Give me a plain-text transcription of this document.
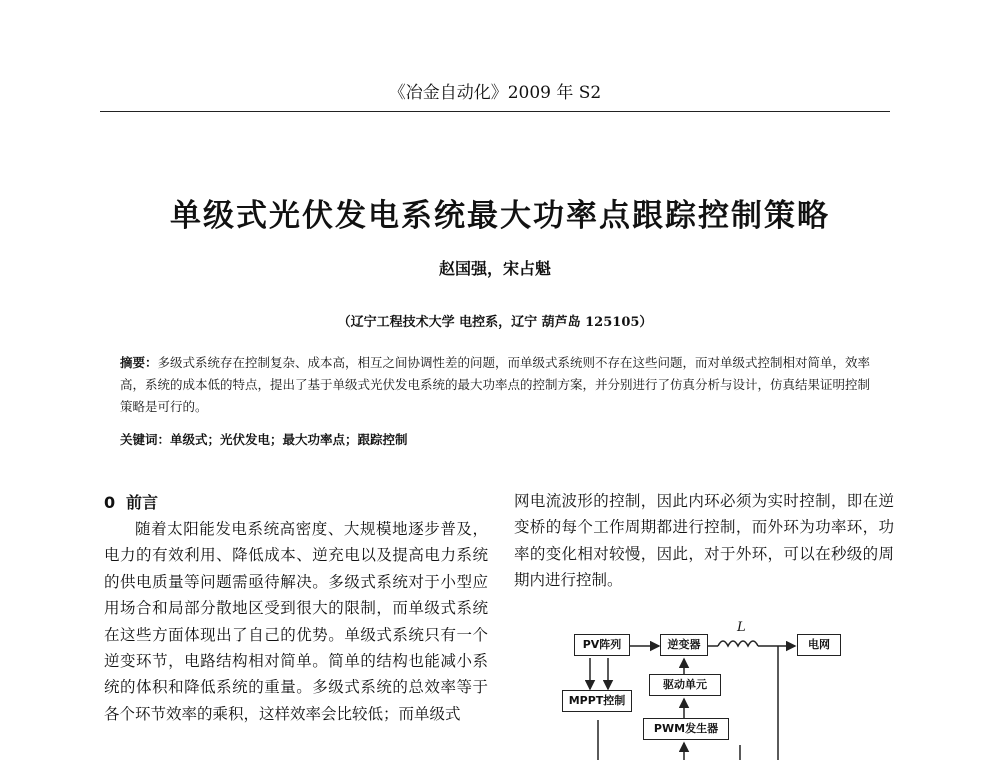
《冶金自动化》2009 年 S2
单级式光伏发电系统最大功率点跟踪控制策略
赵国强，宋占魁
（辽宁工程技术大学 电控系，辽宁 葫芦岛 125105）
摘要：多级式系统存在控制复杂、成本高，相互之间协调性差的问题，而单级式系统则不存在这些问题，而对单级式控制相对简单，效率高，系统的成本低的特点，提出了基于单级式光伏发电系统的最大功率点的控制方案，并分别进行了仿真分析与设计，仿真结果证明控制策略是可行的。
关键词：单级式；光伏发电；最大功率点；跟踪控制
0 前言

随着太阳能发电系统高密度、大规模地逐步普及，电力的有效利用、降低成本、逆充电以及提高电力系统的供电质量等问题需亟待解决。多级式系统对于小型应用场合和局部分散地区受到很大的限制，而单级式系统在这些方面体现出了自己的优势。单级式系统只有一个逆变环节，电路结构相对简单。简单的结构也能减小系统的体积和降低系统的重量。多级式系统的总效率等于各个环节效率的乘积，这样效率会比较低；而单级式

网电流波形的控制，因此内环必须为实时控制，即在逆变桥的每个工作周期都进行控制，而外环为功率环，功率的变化相对较慢，因此，对于外环，可以在秒级的周期内进行控制。

PV阵列	逆变器
L
电网
驱动单元
MPPT控制
PWM发生器
